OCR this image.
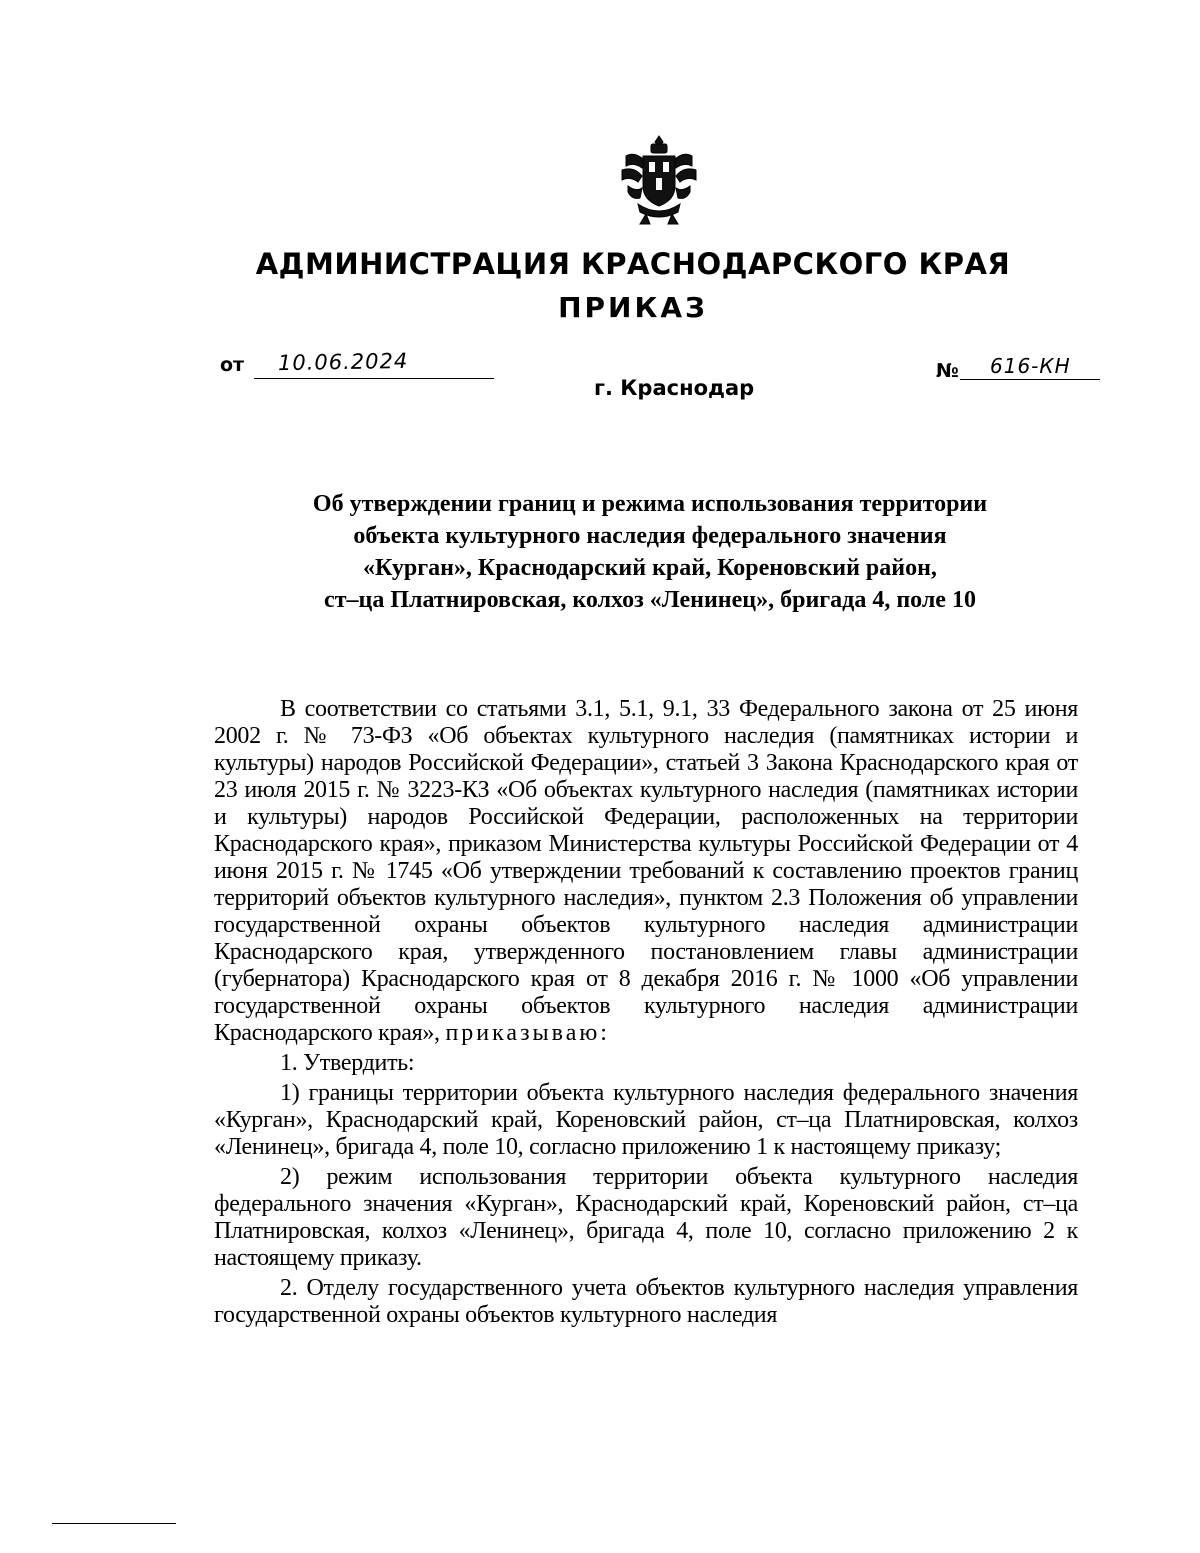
АДМИНИСТРАЦИЯ КРАСНОДАРСКОГО КРАЯ
ПРИКАЗ
от 10.06.2024
г. Краснодар
№ 616-КН
Об утверждении границ и режима использования территории
объекта культурного наследия федерального значения
«Курган», Краснодарский край, Кореновский район,
ст–ца Платнировская, колхоз «Ленинец», бригада 4, поле 10

В соответствии со статьями 3.1, 5.1, 9.1, 33 Федерального закона от 25 июня 2002 г. № 73-ФЗ «Об объектах культурного наследия (памятниках истории и культуры) народов Российской Федерации», статьей 3 Закона Краснодарского края от 23 июля 2015 г. № 3223-КЗ «Об объектах культурного наследия (памятниках истории и культуры) народов Российской Федерации, расположенных на территории Краснодарского края», приказом Министерства культуры Российской Федерации от 4 июня 2015 г. № 1745 «Об утверждении требований к составлению проектов границ территорий объектов культурного наследия», пунктом 2.3 Положения об управлении государственной охраны объектов культурного наследия администрации Краснодарского края, утвержденного постановлением главы администрации (губернатора) Краснодарского края от 8 декабря 2016 г. № 1000 «Об управлении государственной охраны объектов культурного наследия администрации Краснодарского края», приказываю:

1. Утвердить:

1) границы территории объекта культурного наследия федерального значения «Курган», Краснодарский край, Кореновский район, ст–ца Платнировская, колхоз «Ленинец», бригада 4, поле 10, согласно приложению 1 к настоящему приказу;

2) режим использования территории объекта культурного наследия федерального значения «Курган», Краснодарский край, Кореновский район, ст–ца Платнировская, колхоз «Ленинец», бригада 4, поле 10, согласно приложению 2 к настоящему приказу.

2. Отделу государственного учета объектов культурного наследия управления государственной охраны объектов культурного наследия
